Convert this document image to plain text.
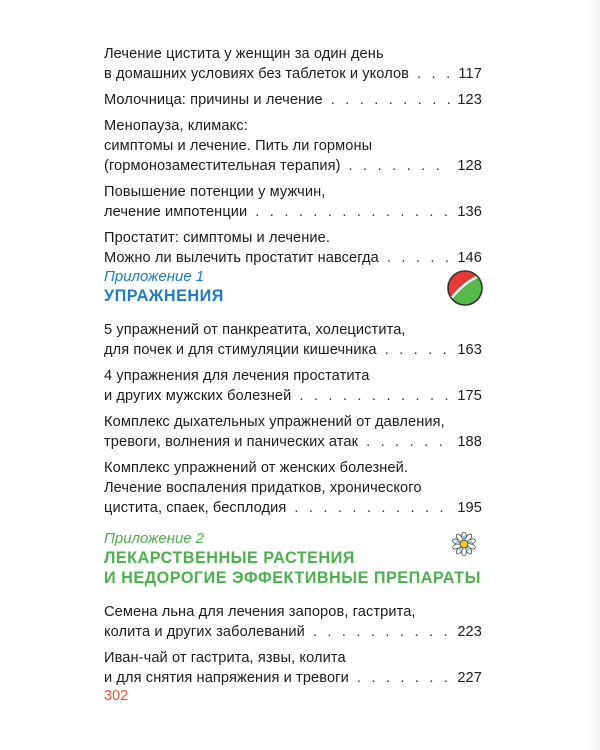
Лечение цистита у женщин за один день
в домашних условиях без таблеток и уколов . . .	117
Молочница: причины и лечение . . .	123
Менопауза, климакс:
симптомы и лечение. Пить ли гормоны
(гормонозаместительная терапия) . . .	128
Повышение потенции у мужчин,
лечение импотенции . . .	136
Простатит: симптомы и лечение.
Можно ли вылечить простатит навсегда . . .	146
Приложение 1
УПРАЖНЕНИЯ
5 упражнений от панкреатита, холецистита,
для почек и для стимуляции кишечника . . .	163
4 упражнения для лечения простатита
и других мужских болезней . . .	175
Комплекс дыхательных упражнений от давления,
тревоги, волнения и панических атак . . .	188
Комплекс упражнений от женских болезней.
Лечение воспаления придатков, хронического
цистита, спаек, бесплодия . . .	195
Приложение 2
ЛЕКАРСТВЕННЫЕ РАСТЕНИЯ
И НЕДОРОГИЕ ЭФФЕКТИВНЫЕ ПРЕПАРАТЫ
Семена льна для лечения запоров, гастрита,
колита и других заболеваний . . .	223
Иван-чай от гастрита, язвы, колита
и для снятия напряжения и тревоги . . .	227
302
